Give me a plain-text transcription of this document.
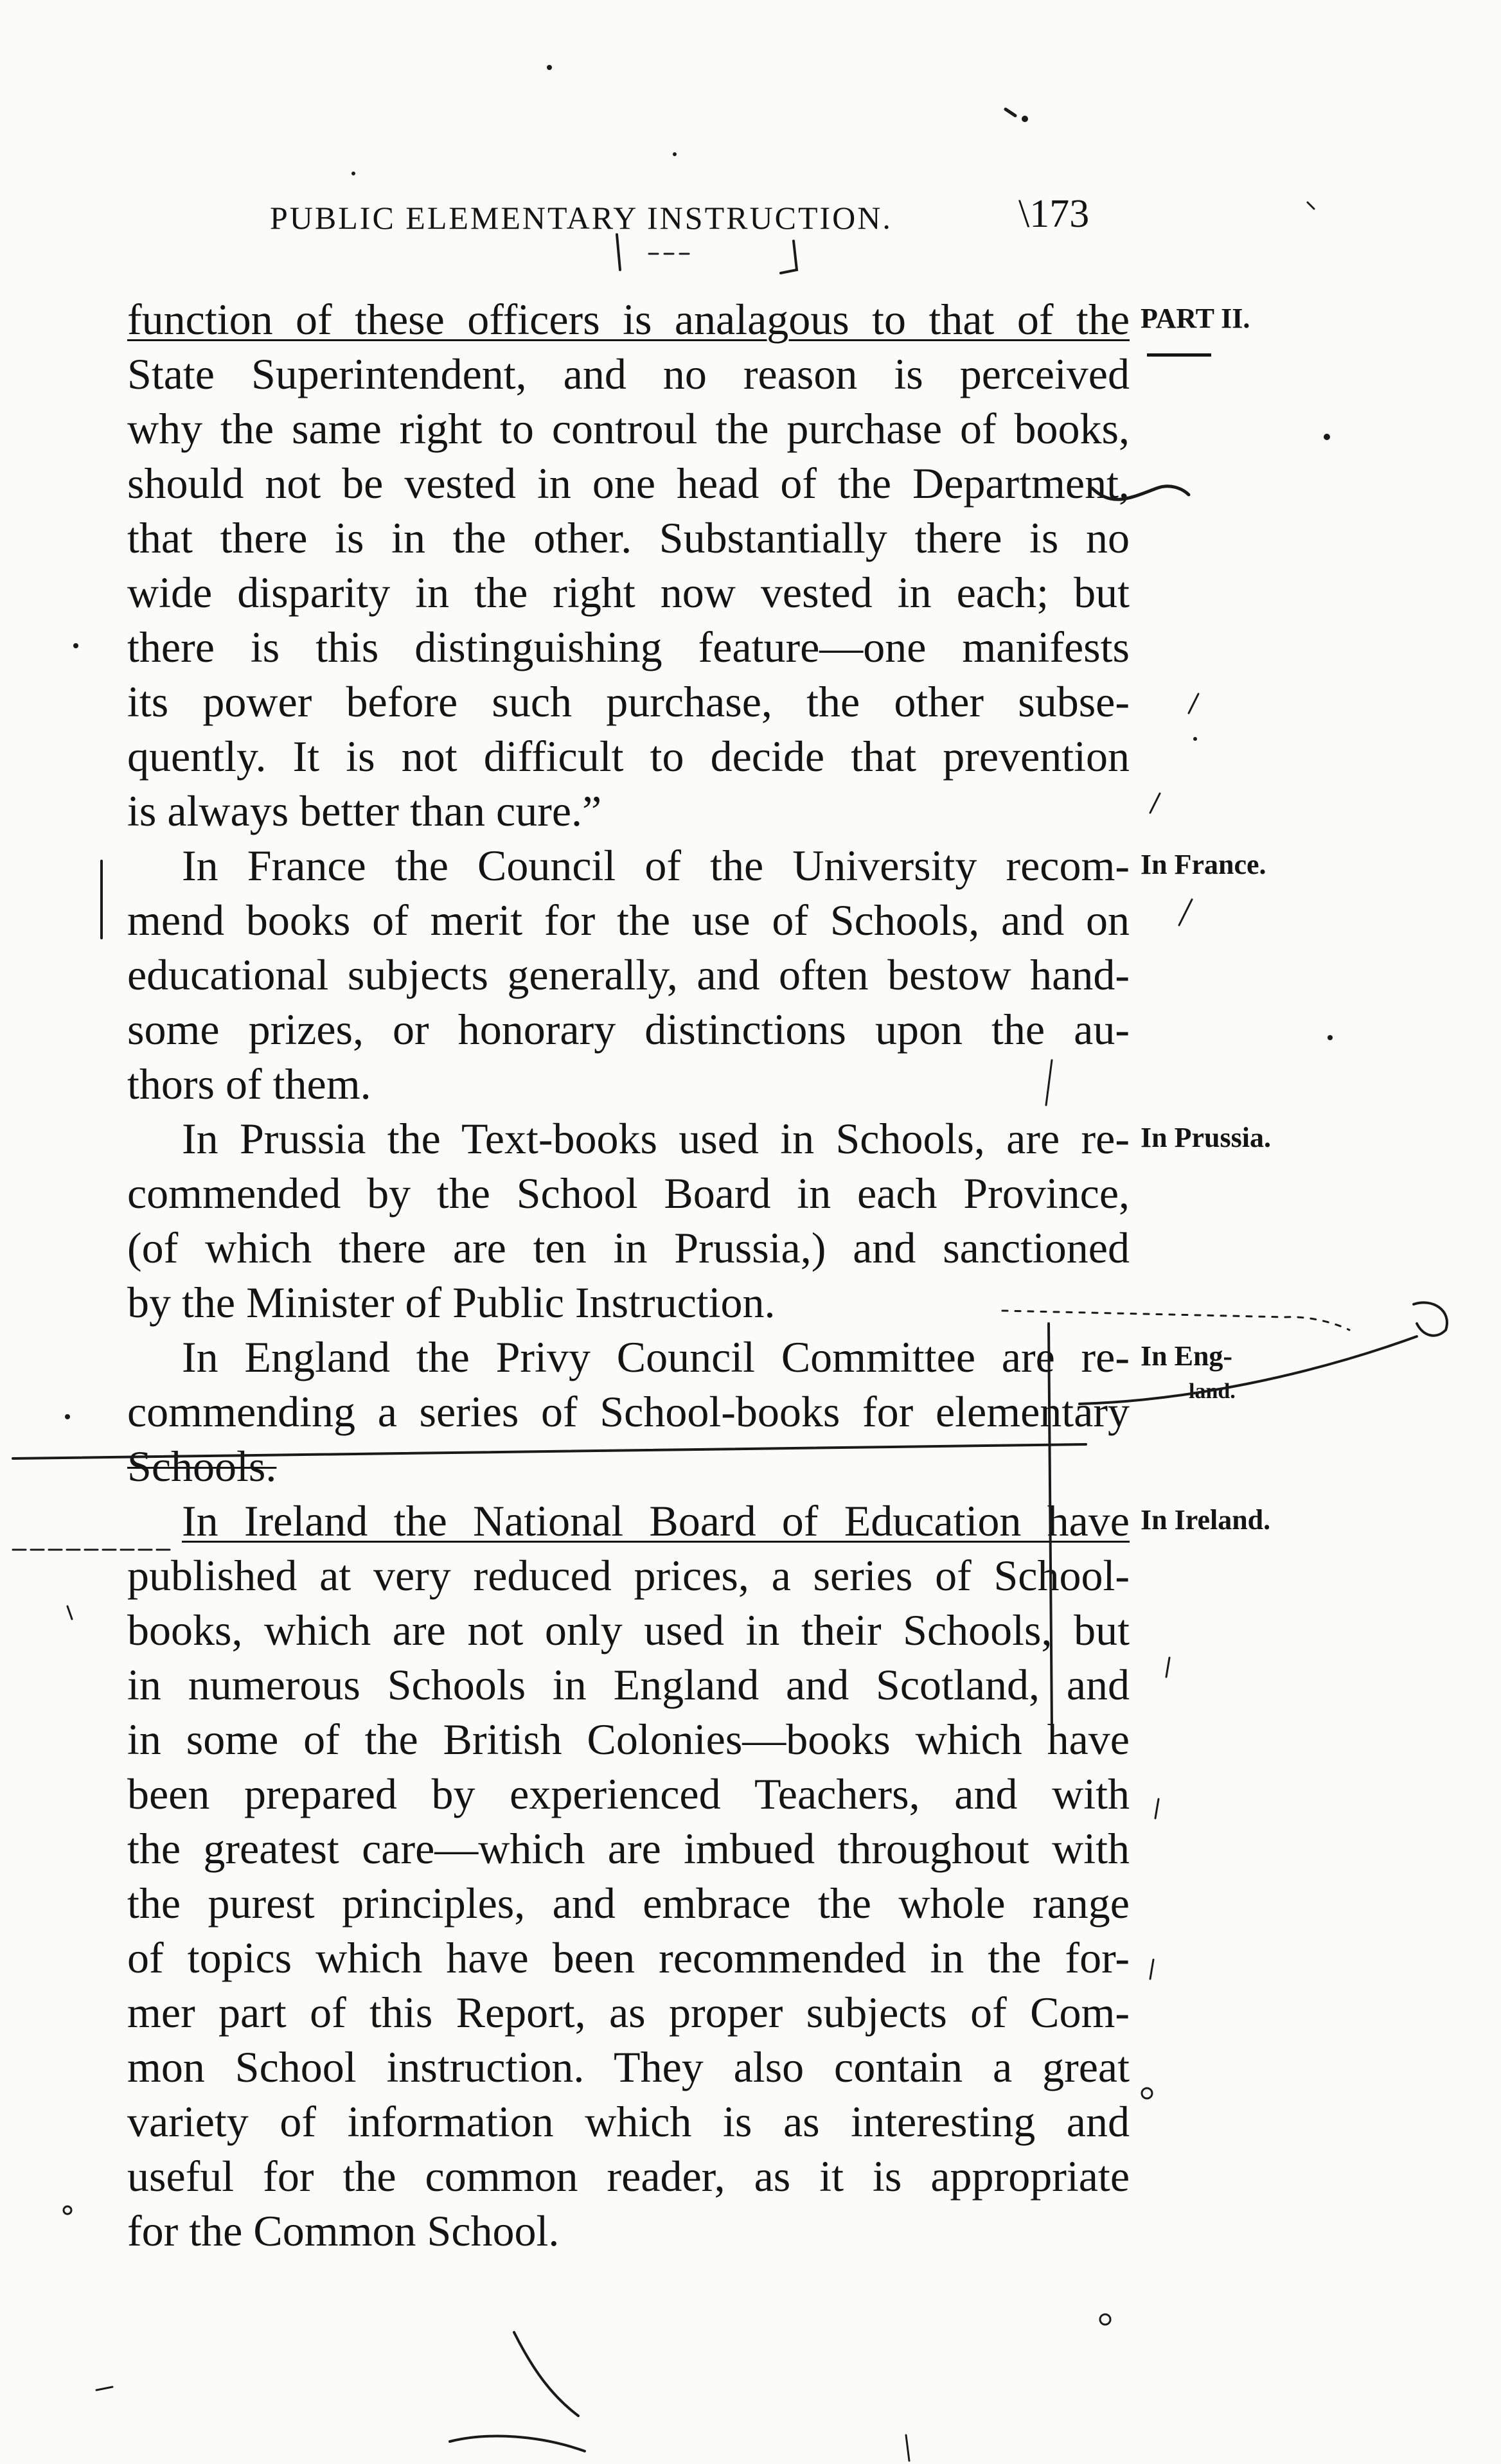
PUBLIC ELEMENTARY INSTRUCTION.	\173
function of these officers is analagous to that of the
State Superintendent, and no reason is perceived
why the same right to controul the purchase of books,
should not be vested in one head of the Department,
that there is in the other. Substantially there is no
wide disparity in the right now vested in each; but
there is this distinguishing feature—one manifests
its power before such purchase, the other subse-
quently. It is not difficult to decide that prevention
is always better than cure.”
In France the Council of the University recom-
mend books of merit for the use of Schools, and on
educational subjects generally, and often bestow hand-
some prizes, or honorary distinctions upon the au-
thors of them.
In Prussia the Text-books used in Schools, are re-
commended by the School Board in each Province,
(of which there are ten in Prussia,) and sanctioned
by the Minister of Public Instruction.
In England the Privy Council Committee are re-
commending a series of School-books for elementary
Schools.
In Ireland the National Board of Education have
published at very reduced prices, a series of School-
books, which are not only used in their Schools, but
in numerous Schools in England and Scotland, and
in some of the British Colonies—books which have
been prepared by experienced Teachers, and with
the greatest care—which are imbued throughout with
the purest principles, and embrace the whole range
of topics which have been recommended in the for-
mer part of this Report, as proper subjects of Com-
mon School instruction. They also contain a great
variety of information which is as interesting and
useful for the common reader, as it is appropriate
for the Common School.
PART II.
In France.
In Prussia.
In Eng-
land.
In Ireland.
